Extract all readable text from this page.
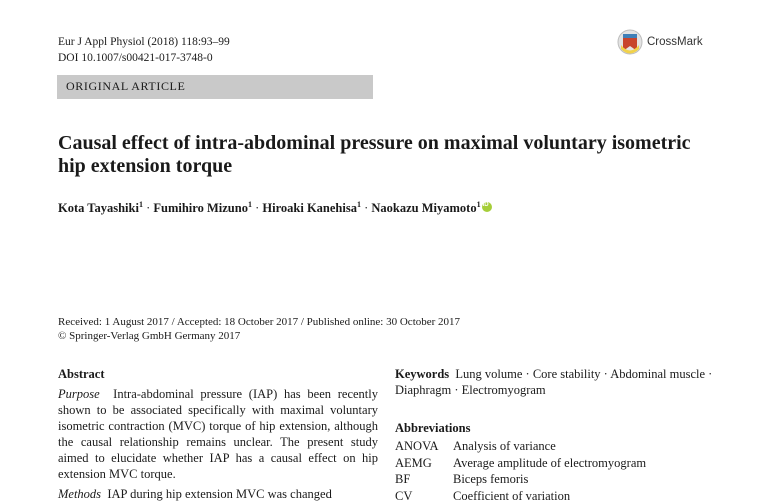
Eur J Appl Physiol (2018) 118:93–99
DOI 10.1007/s00421-017-3748-0
CrossMark
ORIGINAL ARTICLE
Causal effect of intra-abdominal pressure on maximal voluntary isometric hip extension torque
Kota Tayashiki$^1$ · Fumihiro Mizuno$^1$ · Hiroaki Kanehisa$^1$ · Naokazu Miyamoto$^1$iD
Received: 1 August 2017 / Accepted: 18 October 2017 / Published online: 30 October 2017
© Springer-Verlag GmbH Germany 2017
Abstract
Purpose Intra-abdominal pressure (IAP) has been recently shown to be associated specifically with maximal voluntary isometric contraction (MVC) torque of hip extension, although the causal relationship remains unclear. The present study aimed to elucidate whether IAP has a causal effect on hip extension MVC torque.
Methods IAP during hip extension MVC was changed
Keywords Lung volume · Core stability · Abdominal muscle · Diaphragm · Electromyogram
Abbreviations
ANOVA	Analysis of variance
AEMG	Average amplitude of electromyogram
BF	Biceps femoris
CV	Coefficient of variation
